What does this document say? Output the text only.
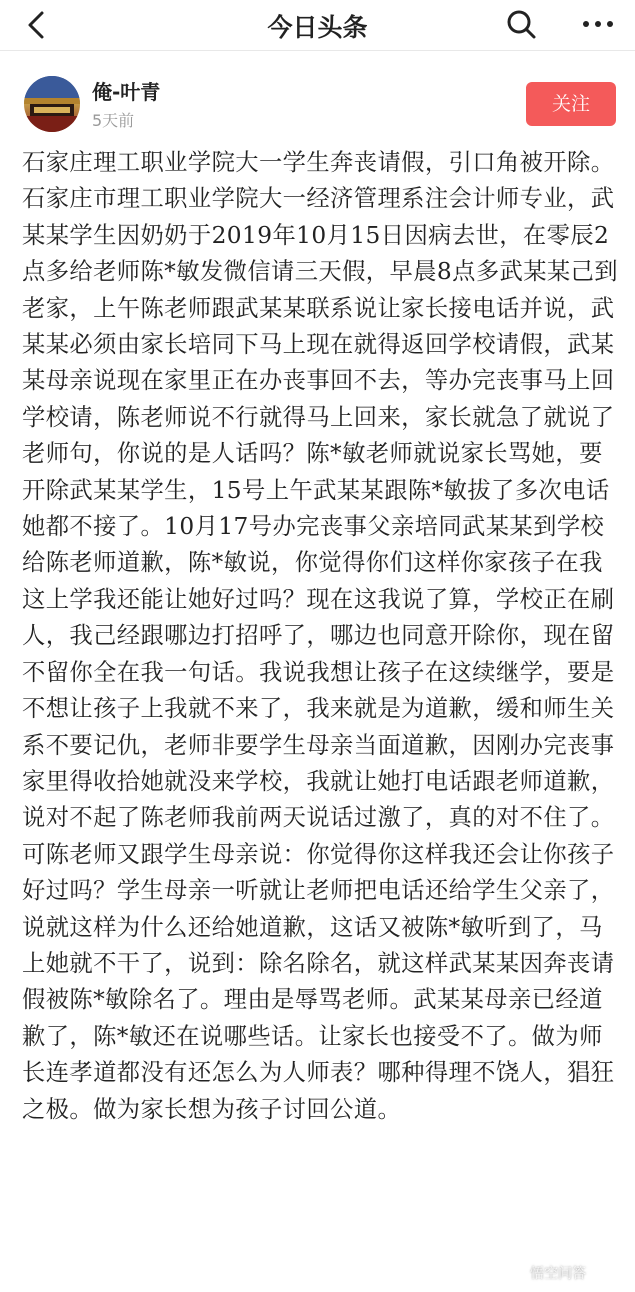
今日头条
俺-叶青
5天前
关注

石家庄理工职业学院大一学生奔丧请假，引口角被开除。石家庄市理工职业学院大一经济管理系注会计师专业，武某某学生因奶奶于2019年10月15日因病去世，在零辰2点多给老师陈*敏发微信请三天假，早晨8点多武某某己到老家，上午陈老师跟武某某联系说让家长接电话并说，武某某必须由家长培同下马上现在就得返回学校请假，武某某母亲说现在家里正在办丧事回不去，等办完丧事马上回学校请，陈老师说不行就得马上回来，家长就急了就说了老师句，你说的是人话吗？陈*敏老师就说家长骂她，要开除武某某学生，15号上午武某某跟陈*敏拔了多次电话她都不接了。10月17号办完丧事父亲培同武某某到学校给陈老师道歉，陈*敏说，你觉得你们这样你家孩子在我这上学我还能让她好过吗？现在这我说了算，学校正在刷人，我己经跟哪边打招呼了，哪边也同意开除你，现在留不留你全在我一句话。我说我想让孩子在这续继学，要是不想让孩子上我就不来了，我来就是为道歉，缓和师生关系不要记仇，老师非要学生母亲当面道歉，因刚办完丧事家里得收拾她就没来学校，我就让她打电话跟老师道歉，说对不起了陈老师我前两天说话过激了，真的对不住了。可陈老师又跟学生母亲说：你觉得你这样我还会让你孩子好过吗？学生母亲一听就让老师把电话还给学生父亲了，说就这样为什么还给她道歉，这话又被陈*敏听到了，马上她就不干了，说到：除名除名，就这样武某某因奔丧请假被陈*敏除名了。理由是辱骂老师。武某某母亲已经道歉了，陈*敏还在说哪些话。让家长也接受不了。做为师长连孝道都没有还怎么为人师表？哪种得理不饶人，猖狂之极。做为家长想为孩子讨回公道。

悟空问答
